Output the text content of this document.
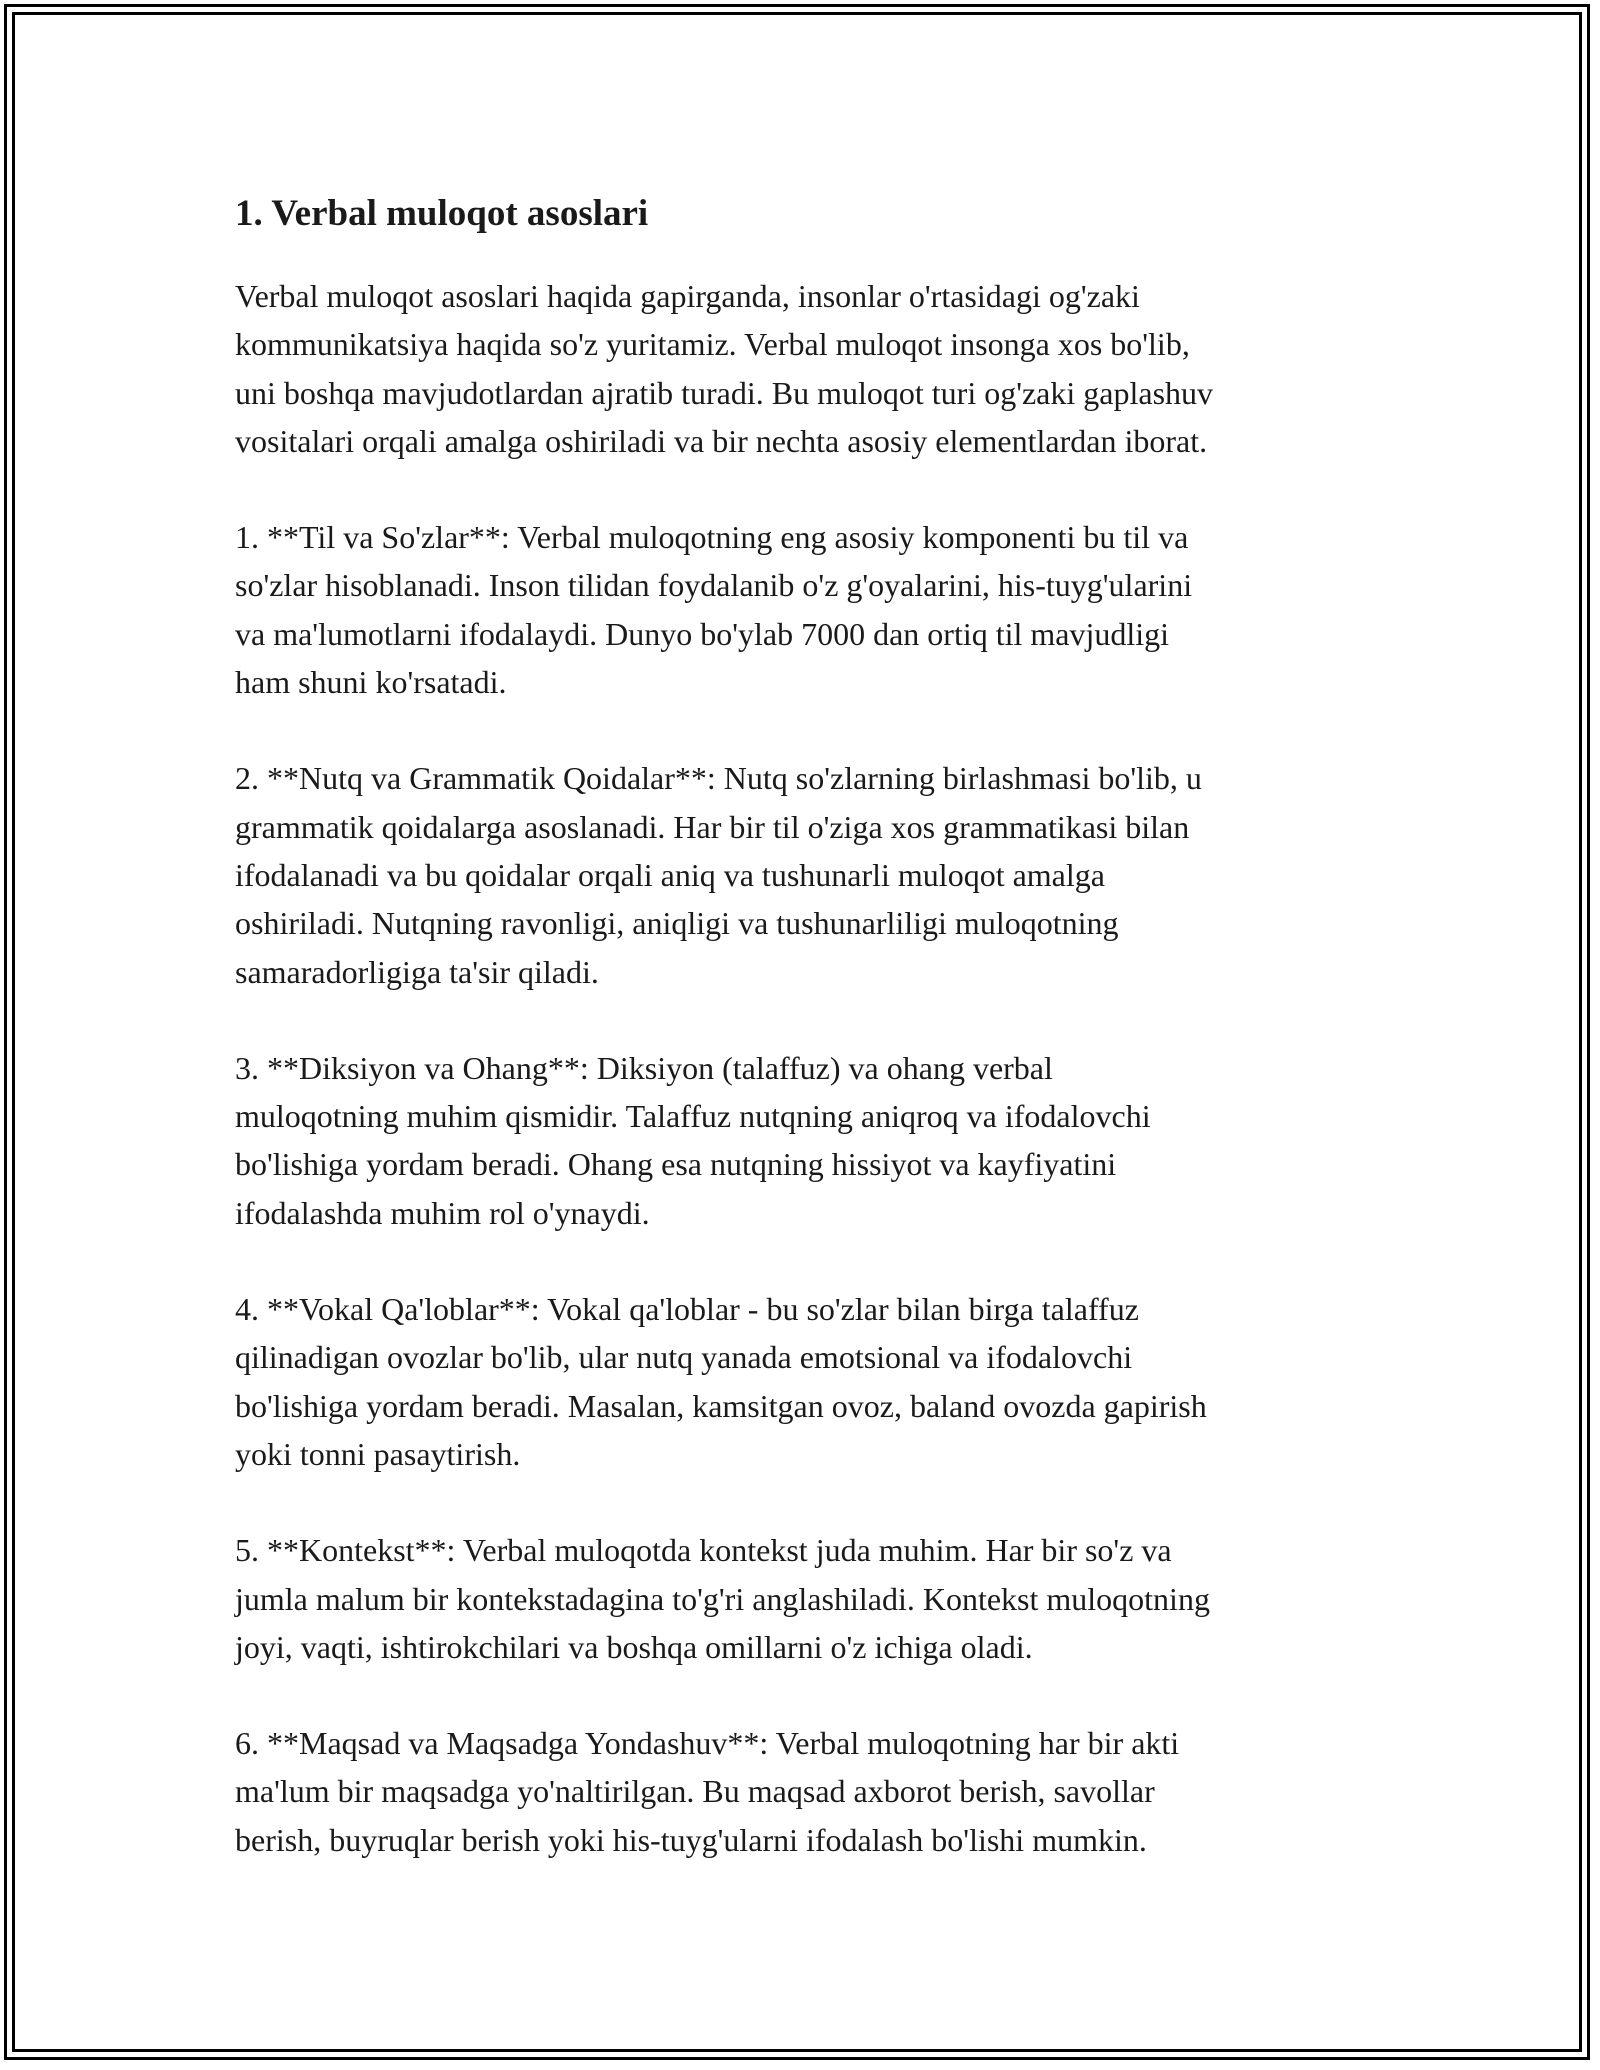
1. Verbal muloqot asoslari

Verbal muloqot asoslari haqida gapirganda, insonlar o'rtasidagi og'zaki
kommunikatsiya haqida so'z yuritamiz. Verbal muloqot insonga xos bo'lib,
uni boshqa mavjudotlardan ajratib turadi. Bu muloqot turi og'zaki gaplashuv
vositalari orqali amalga oshiriladi va bir nechta asosiy elementlardan iborat.

1. **Til va So'zlar**: Verbal muloqotning eng asosiy komponenti bu til va
so'zlar hisoblanadi. Inson tilidan foydalanib o'z g'oyalarini, his-tuyg'ularini
va ma'lumotlarni ifodalaydi. Dunyo bo'ylab 7000 dan ortiq til mavjudligi
ham shuni ko'rsatadi.

2. **Nutq va Grammatik Qoidalar**: Nutq so'zlarning birlashmasi bo'lib, u
grammatik qoidalarga asoslanadi. Har bir til o'ziga xos grammatikasi bilan
ifodalanadi va bu qoidalar orqali aniq va tushunarli muloqot amalga
oshiriladi. Nutqning ravonligi, aniqligi va tushunarliligi muloqotning
samaradorligiga ta'sir qiladi.

3. **Diksiyon va Ohang**: Diksiyon (talaffuz) va ohang verbal
muloqotning muhim qismidir. Talaffuz nutqning aniqroq va ifodalovchi
bo'lishiga yordam beradi. Ohang esa nutqning hissiyot va kayfiyatini
ifodalashda muhim rol o'ynaydi.

4. **Vokal Qa'loblar**: Vokal qa'loblar - bu so'zlar bilan birga talaffuz
qilinadigan ovozlar bo'lib, ular nutq yanada emotsional va ifodalovchi
bo'lishiga yordam beradi. Masalan, kamsitgan ovoz, baland ovozda gapirish
yoki tonni pasaytirish.

5. **Kontekst**: Verbal muloqotda kontekst juda muhim. Har bir so'z va
jumla malum bir kontekstadagina to'g'ri anglashiladi. Kontekst muloqotning
joyi, vaqti, ishtirokchilari va boshqa omillarni o'z ichiga oladi.

6. **Maqsad va Maqsadga Yondashuv**: Verbal muloqotning har bir akti
ma'lum bir maqsadga yo'naltirilgan. Bu maqsad axborot berish, savollar
berish, buyruqlar berish yoki his-tuyg'ularni ifodalash bo'lishi mumkin.
